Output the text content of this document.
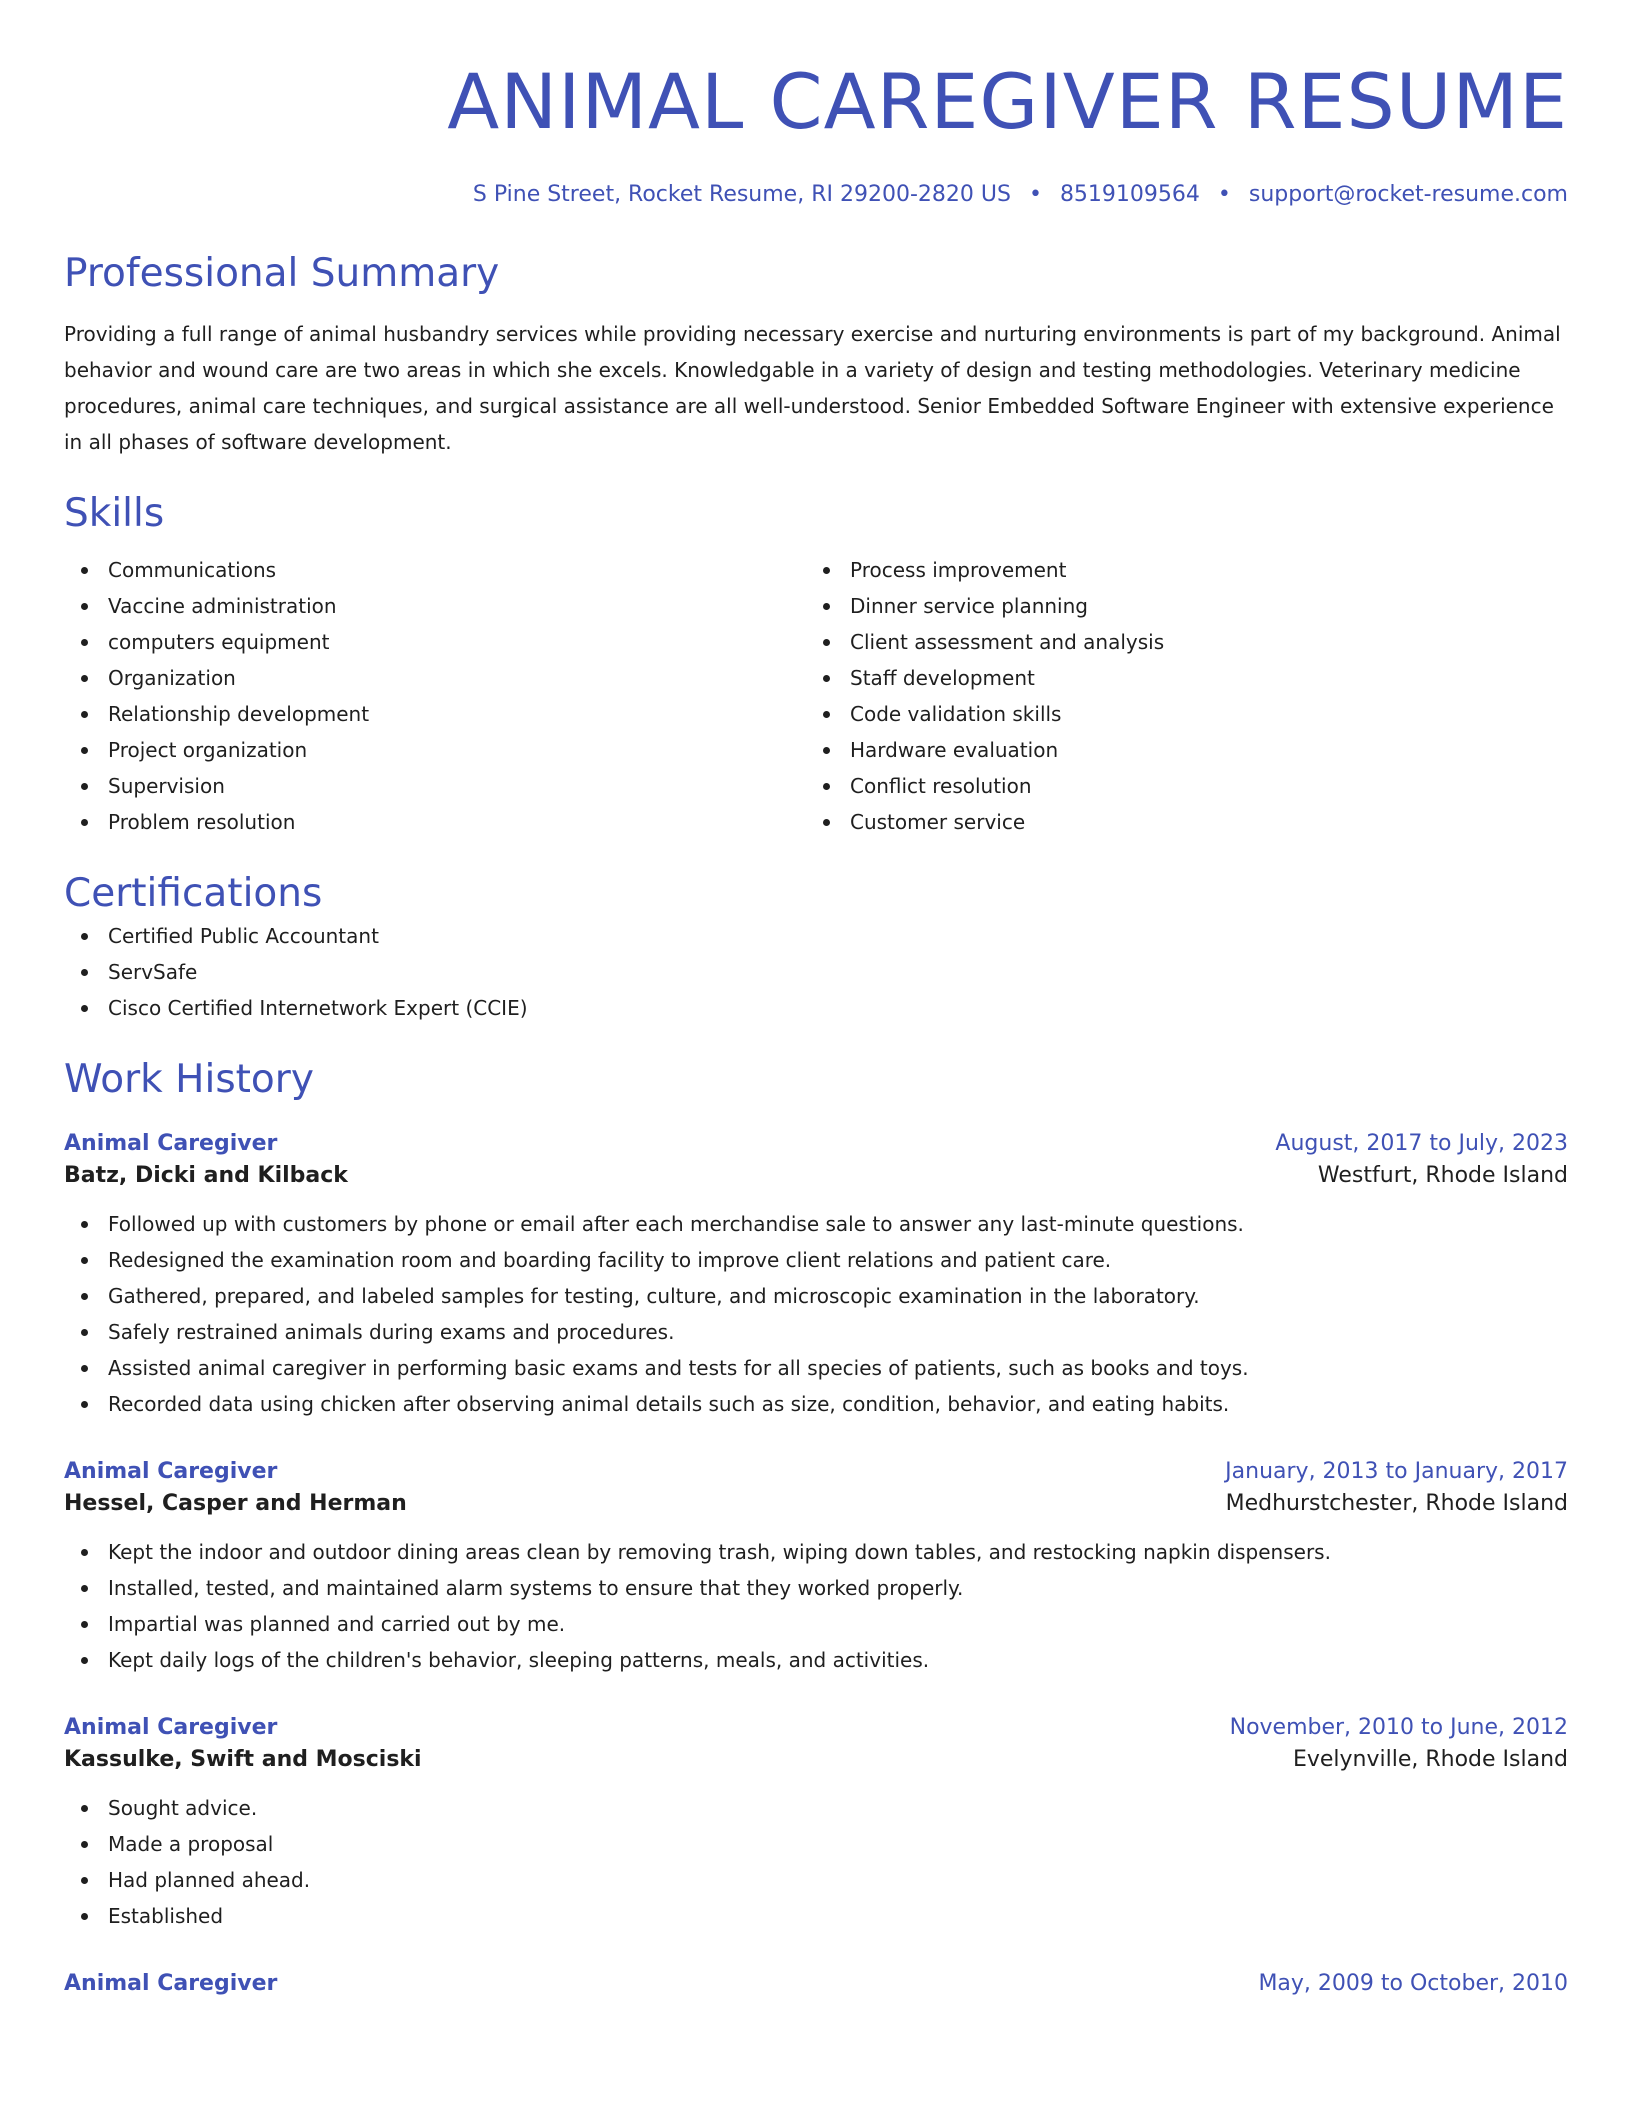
ANIMAL CAREGIVER RESUME
S Pine Street, Rocket Resume, RI 29200-2820 US • 8519109564 • support@rocket-resume.com
Professional Summary
Providing a full range of animal husbandry services while providing necessary exercise and nurturing environments is part of my background. Animal behavior and wound care are two areas in which she excels. Knowledgable in a variety of design and testing methodologies. Veterinary medicine procedures, animal care techniques, and surgical assistance are all well-understood. Senior Embedded Software Engineer with extensive experience in all phases of software development.
Skills
Communications
Vaccine administration
computers equipment
Organization
Relationship development
Project organization
Supervision
Problem resolution
Process improvement
Dinner service planning
Client assessment and analysis
Staff development
Code validation skills
Hardware evaluation
Conflict resolution
Customer service
Certifications
Certified Public Accountant
ServSafe
Cisco Certified Internetwork Expert (CCIE)
Work History
Animal Caregiver	August, 2017 to July, 2023
Batz, Dicki and Kilback	Westfurt, Rhode Island
Followed up with customers by phone or email after each merchandise sale to answer any last-minute questions.
Redesigned the examination room and boarding facility to improve client relations and patient care.
Gathered, prepared, and labeled samples for testing, culture, and microscopic examination in the laboratory.
Safely restrained animals during exams and procedures.
Assisted animal caregiver in performing basic exams and tests for all species of patients, such as books and toys.
Recorded data using chicken after observing animal details such as size, condition, behavior, and eating habits.
Animal Caregiver	January, 2013 to January, 2017
Hessel, Casper and Herman	Medhurstchester, Rhode Island
Kept the indoor and outdoor dining areas clean by removing trash, wiping down tables, and restocking napkin dispensers.
Installed, tested, and maintained alarm systems to ensure that they worked properly.
Impartial was planned and carried out by me.
Kept daily logs of the children's behavior, sleeping patterns, meals, and activities.
Animal Caregiver	November, 2010 to June, 2012
Kassulke, Swift and Mosciski	Evelynville, Rhode Island
Sought advice.
Made a proposal
Had planned ahead.
Established
Animal Caregiver	May, 2009 to October, 2010
